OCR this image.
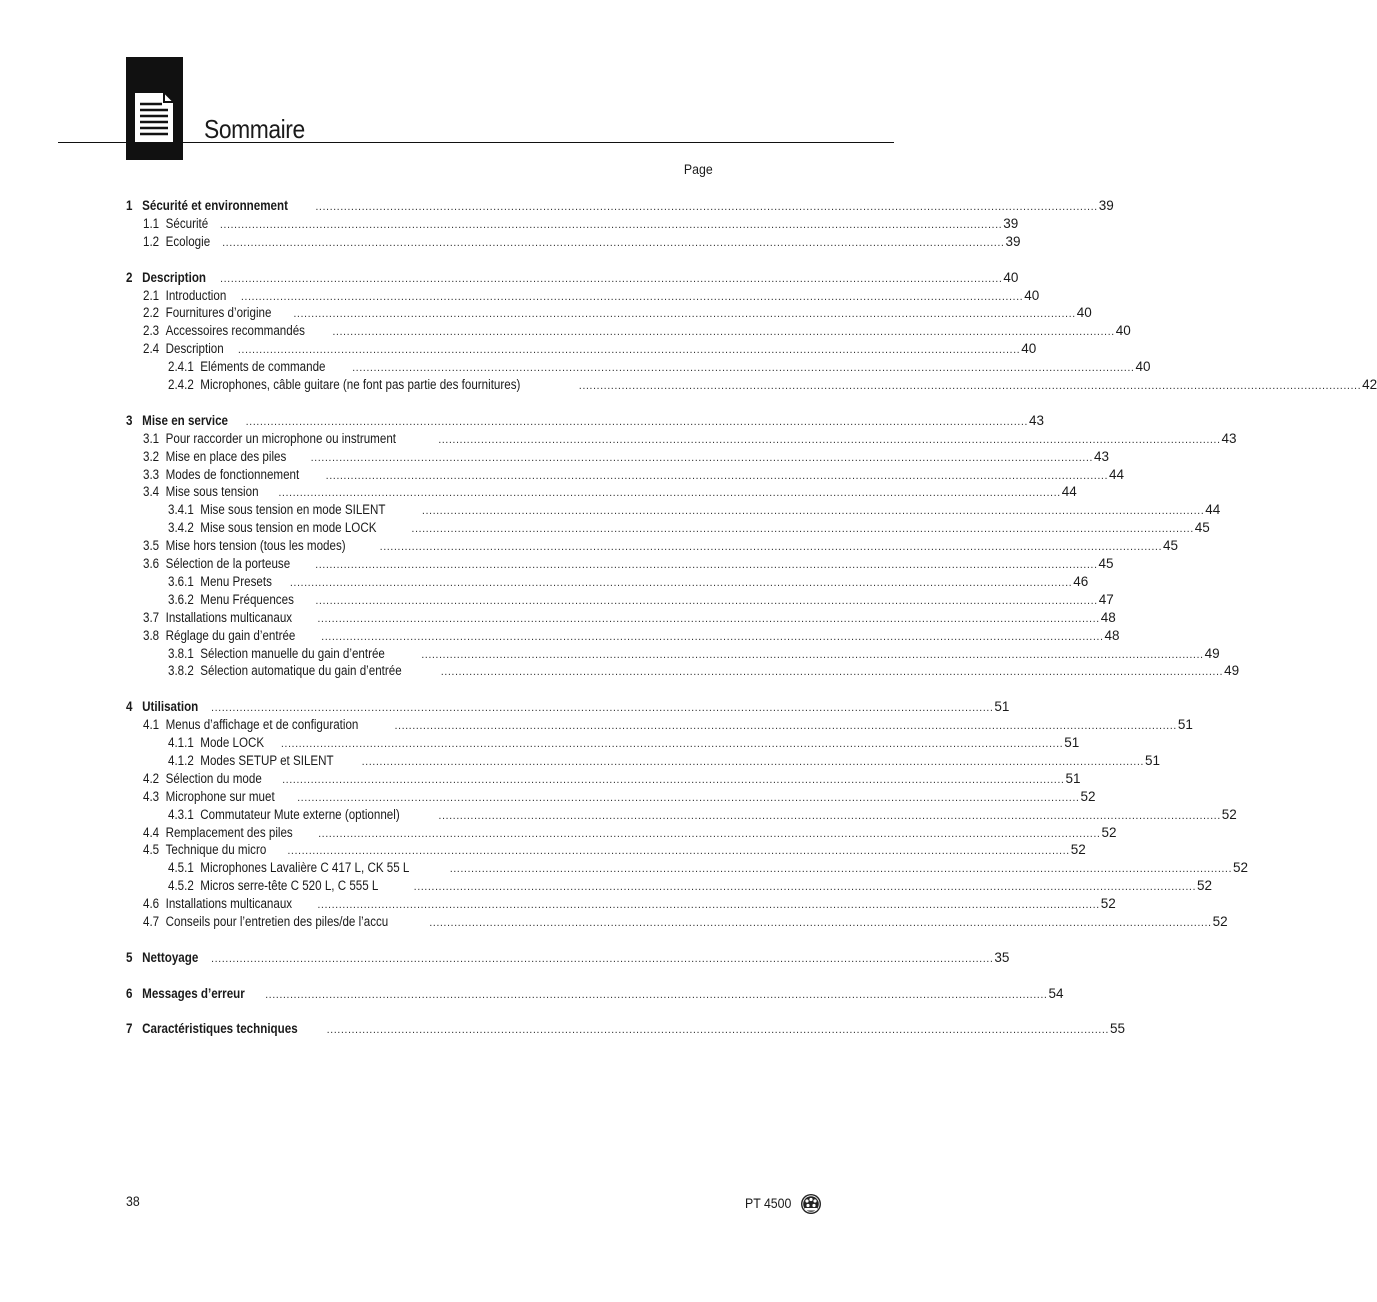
Sommaire
Page
1 Sécurité et environnement ............................................................................................................................................................................................................................ 39
1.1 Sécurité ............................................................................................................................................................................................................................ 39
1.2 Ecologie ............................................................................................................................................................................................................................ 39
2 Description ............................................................................................................................................................................................................................ 40
2.1 Introduction ............................................................................................................................................................................................................................ 40
2.2 Fournitures d’origine ............................................................................................................................................................................................................................ 40
2.3 Accessoires recommandés ............................................................................................................................................................................................................................ 40
2.4 Description ............................................................................................................................................................................................................................ 40
2.4.1 Eléments de commande ............................................................................................................................................................................................................................ 40
2.4.2 Microphones, câble guitare (ne font pas partie des fournitures)	............................................................................................................................................................................................................................ 42
3 Mise en service ............................................................................................................................................................................................................................ 43
3.1 Pour raccorder un microphone ou instrument	............................................................................................................................................................................................................................ 43
3.2 Mise en place des piles ............................................................................................................................................................................................................................ 43
3.3 Modes de fonctionnement ............................................................................................................................................................................................................................ 44
3.4 Mise sous tension ............................................................................................................................................................................................................................ 44
3.4.1 Mise sous tension en mode SILENT	............................................................................................................................................................................................................................ 44
3.4.2 Mise sous tension en mode LOCK	............................................................................................................................................................................................................................ 45
3.5 Mise hors tension (tous les modes)	............................................................................................................................................................................................................................ 45
3.6 Sélection de la porteuse ............................................................................................................................................................................................................................ 45
3.6.1 Menu Presets ............................................................................................................................................................................................................................ 46
3.6.2 Menu Fréquences ............................................................................................................................................................................................................................ 47
3.7 Installations multicanaux ............................................................................................................................................................................................................................ 48
3.8 Réglage du gain d’entrée ............................................................................................................................................................................................................................ 48
3.8.1 Sélection manuelle du gain d’entrée	............................................................................................................................................................................................................................ 49
3.8.2 Sélection automatique du gain d’entrée	............................................................................................................................................................................................................................ 49
4 Utilisation ............................................................................................................................................................................................................................ 51
4.1 Menus d’affichage et de configuration	............................................................................................................................................................................................................................ 51
4.1.1 Mode LOCK ............................................................................................................................................................................................................................ 51
4.1.2 Modes SETUP et SILENT	............................................................................................................................................................................................................................ 51
4.2 Sélection du mode ............................................................................................................................................................................................................................ 51
4.3 Microphone sur muet ............................................................................................................................................................................................................................ 52
4.3.1 Commutateur Mute externe (optionnel)	............................................................................................................................................................................................................................ 52
4.4 Remplacement des piles ............................................................................................................................................................................................................................ 52
4.5 Technique du micro ............................................................................................................................................................................................................................ 52
4.5.1 Microphones Lavalière C 417 L, CK 55 L	............................................................................................................................................................................................................................ 52
4.5.2 Micros serre-tête C 520 L, C 555 L	............................................................................................................................................................................................................................ 52
4.6 Installations multicanaux ............................................................................................................................................................................................................................ 52
4.7 Conseils pour l’entretien des piles/de l’accu	............................................................................................................................................................................................................................ 52
5 Nettoyage ............................................................................................................................................................................................................................ 35
6 Messages d’erreur ............................................................................................................................................................................................................................ 54
7 Caractéristiques techniques	............................................................................................................................................................................................................................ 55
38	PT 4500
